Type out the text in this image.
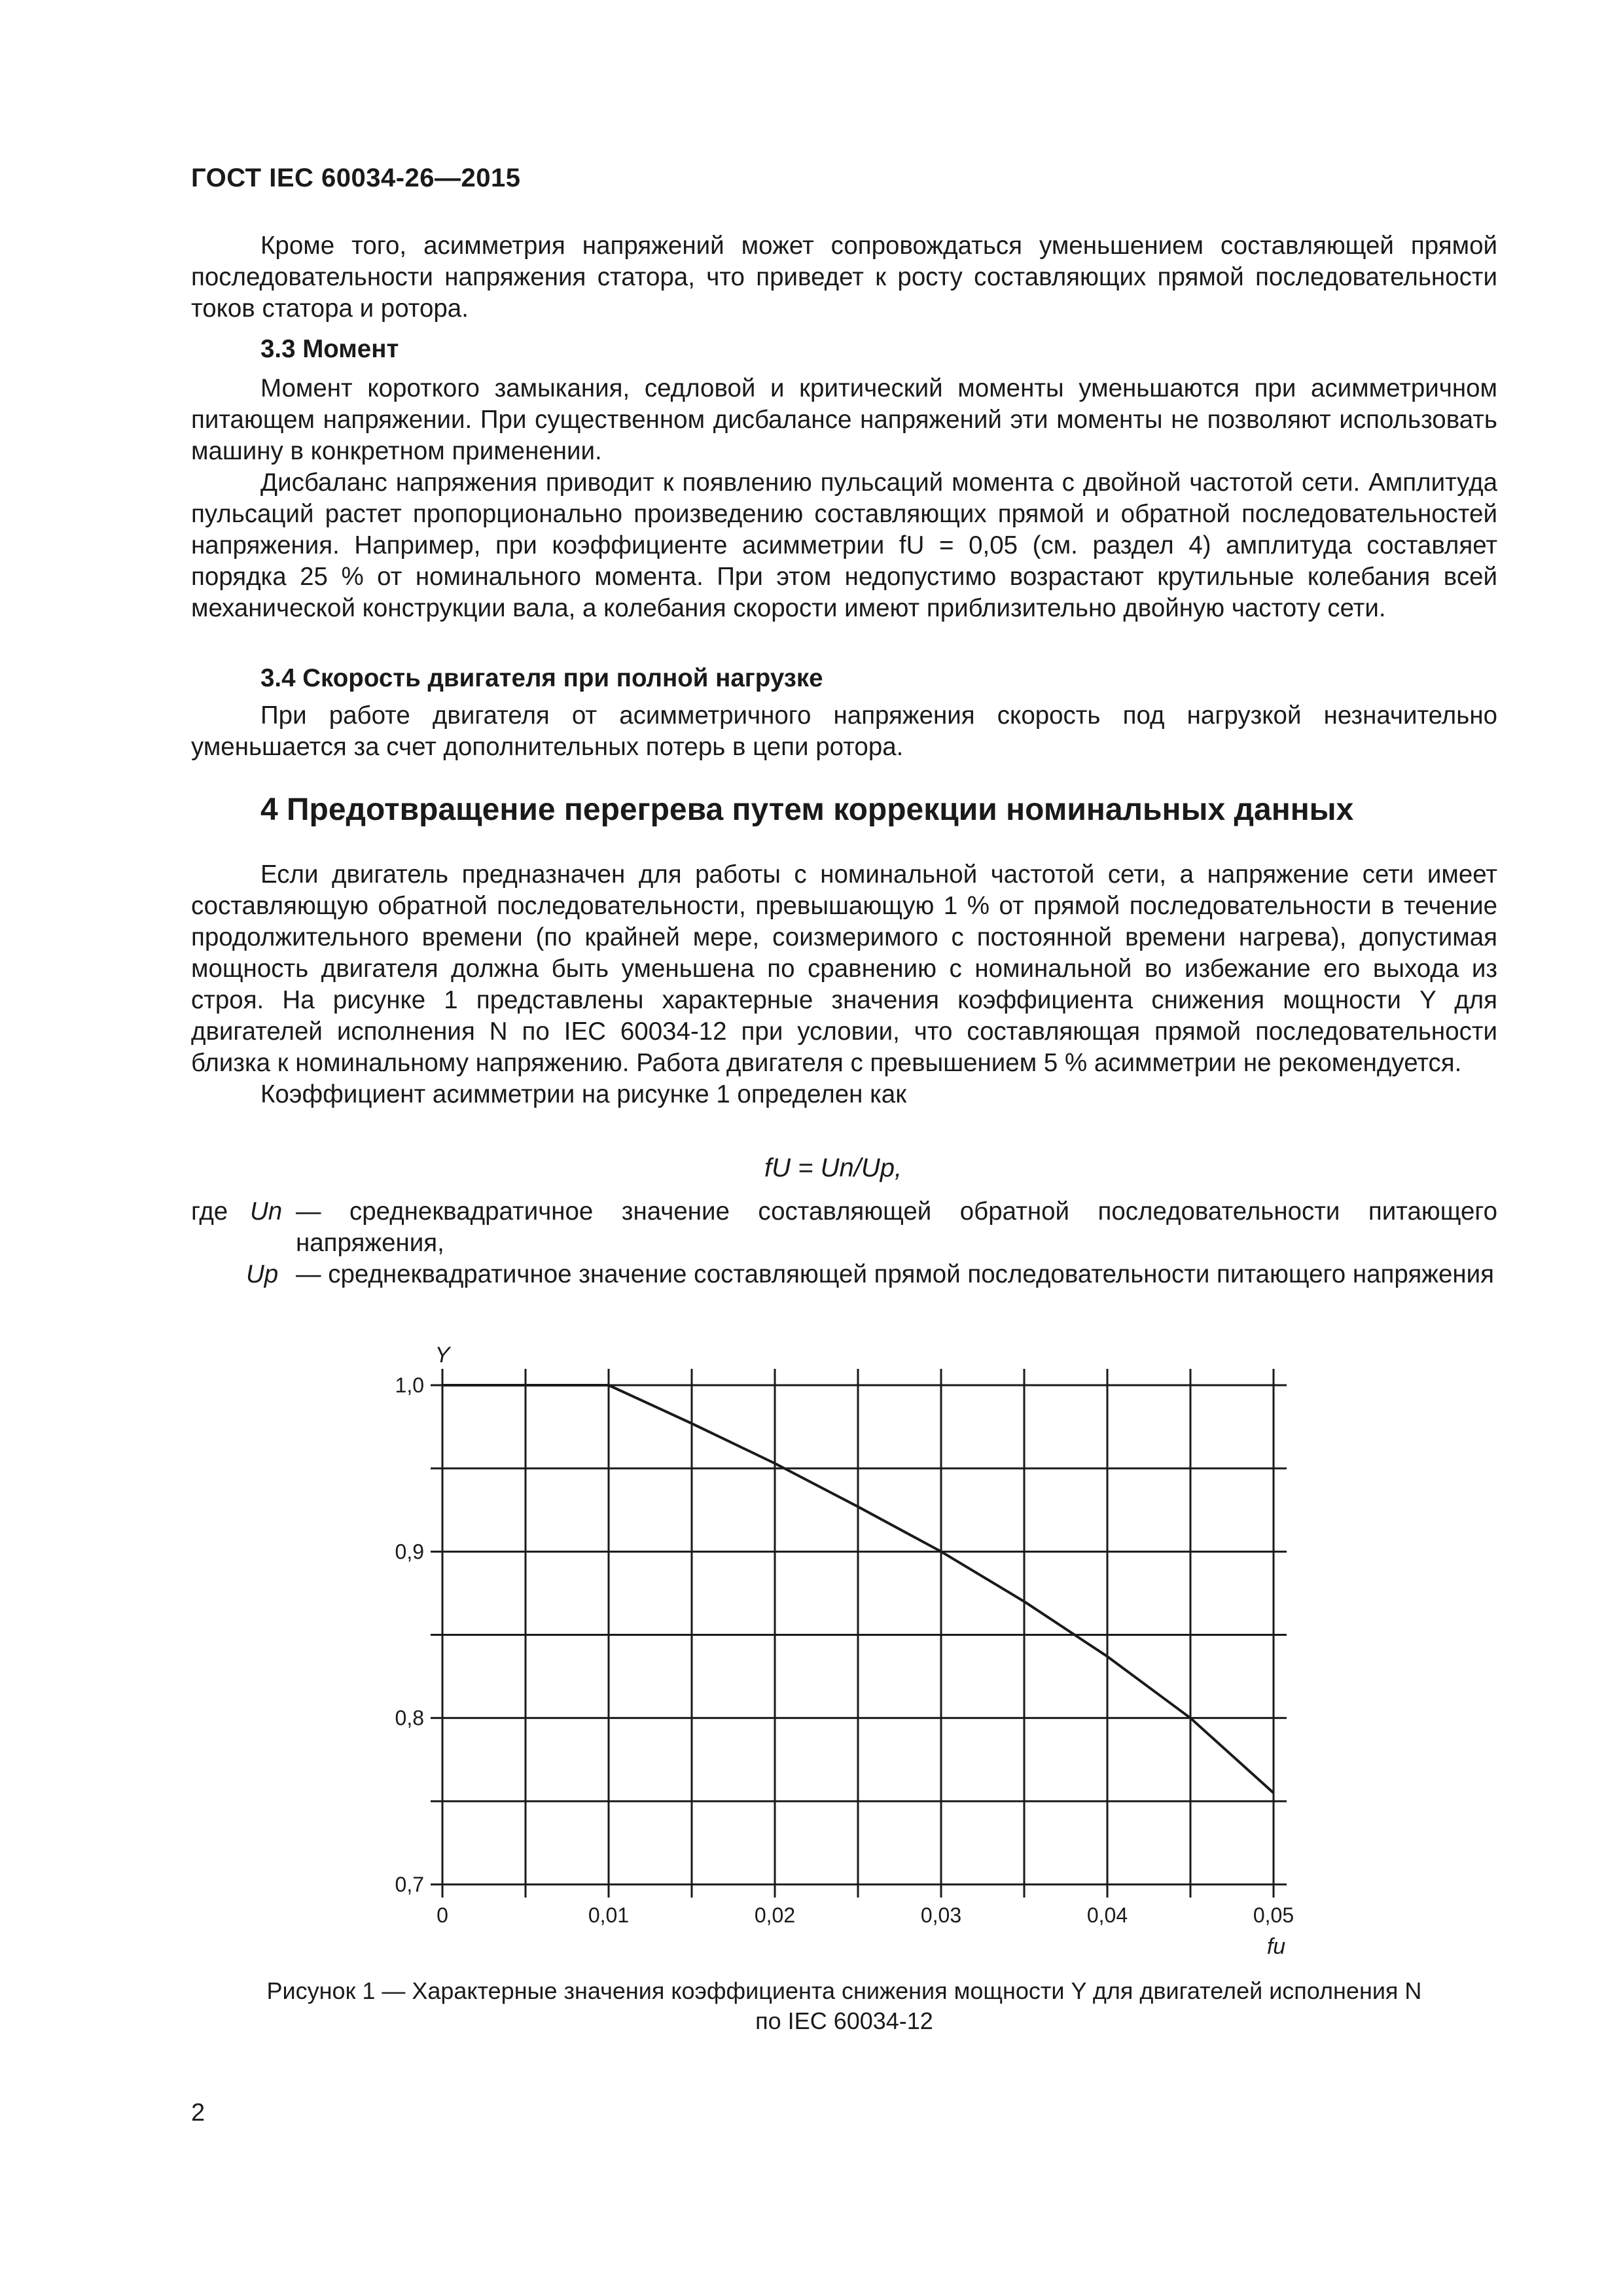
ГОСТ IEC 60034-26—2015

Кроме того, асимметрия напряжений может сопровождаться уменьшением составляющей прямой последовательности напряжения статора, что приведет к росту составляющих прямой последовательности токов статора и ротора.

3.3 Момент

Момент короткого замыкания, седловой и критический моменты уменьшаются при асимметричном питающем напряжении. При существенном дисбалансе напряжений эти моменты не позволяют использовать машину в конкретном применении.

Дисбаланс напряжения приводит к появлению пульсаций момента с двойной частотой сети. Амплитуда пульсаций растет пропорционально произведению составляющих прямой и обратной последовательностей напряжения. Например, при коэффициенте асимметрии fU = 0,05 (см. раздел 4) амплитуда составляет порядка 25 % от номинального момента. При этом недопустимо возрастают крутильные колебания всей механической конструкции вала, а колебания скорости имеют приблизительно двойную частоту сети.

3.4 Скорость двигателя при полной нагрузке

При работе двигателя от асимметричного напряжения скорость под нагрузкой незначительно уменьшается за счет дополнительных потерь в цепи ротора.

4 Предотвращение перегрева путем коррекции номинальных данных

Если двигатель предназначен для работы с номинальной частотой сети, а напряжение сети имеет составляющую обратной последовательности, превышающую 1 % от прямой последовательности в течение продолжительного времени (по крайней мере, соизмеримого с постоянной времени нагрева), допустимая мощность двигателя должна быть уменьшена по сравнению с номинальной во избежание его выхода из строя. На рисунке 1 представлены характерные значения коэффициента снижения мощности Y для двигателей исполнения N по IEC 60034-12 при условии, что составляющая прямой последовательности близка к номинальному напряжению. Работа двигателя с превышением 5 % асимметрии не рекомендуется.

Коэффициент асимметрии на рисунке 1 определен как

fU = Un/Up,
где Un — среднеквадратичное значение составляющей обратной последовательности питающего напряжения,
Up — среднеквадратичное значение составляющей прямой последовательности питающего напряжения
Y
fu
0	0,01	0,02	0,03	0,04	0,05
0,7
0,8
0,9
1,0
Рисунок 1 — Характерные значения коэффициента снижения мощности Y для двигателей исполнения N
по IEC 60034-12
2
